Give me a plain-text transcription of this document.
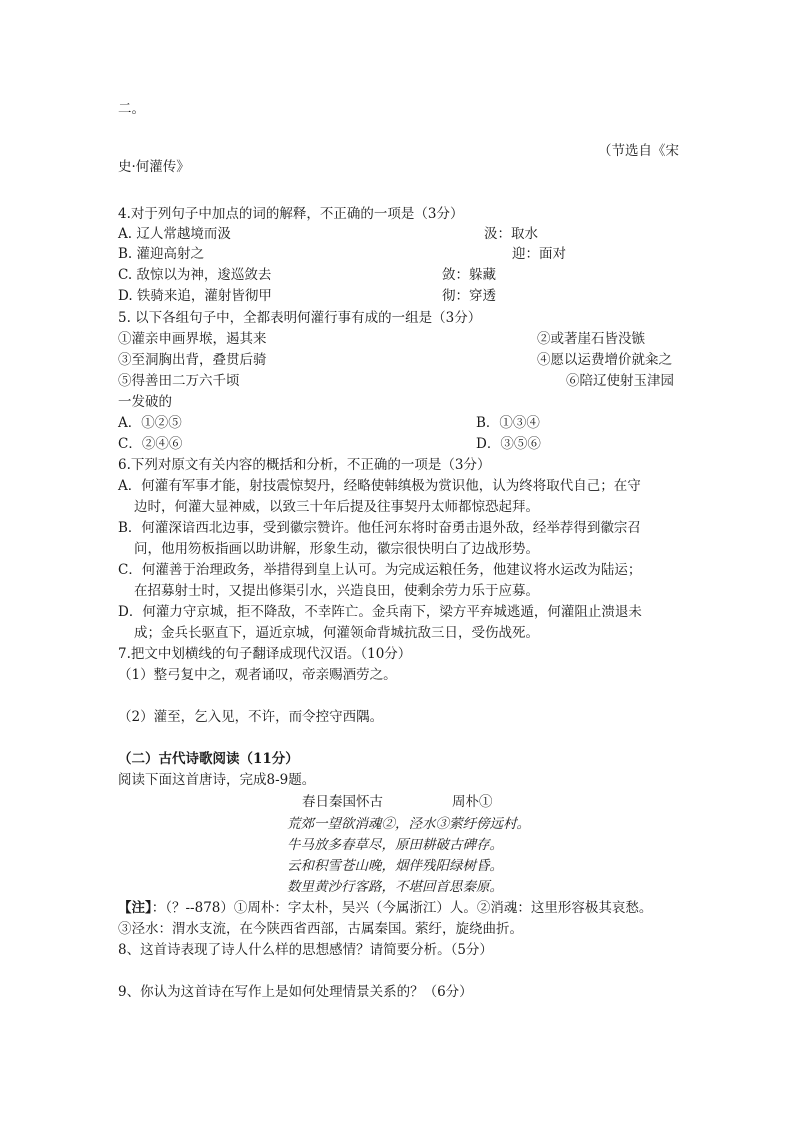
二。
（节选自《宋
史·何灌传》
4.对于列句子中加点的词的解释，不正确的一项是（3分）
A. 辽人常越境而汲	汲：取水
B. 灌迎高射之	迎：面对
C. 敌惊以为神，逡巡敛去	敛：躲藏
D. 铁骑来追，灌射皆彻甲	彻：穿透
5. 以下各组句子中，全都表明何灌行事有成的一组是（3分）
①灌亲申画界堠，遏其来	②或著崖石皆没镞
③至洞胸出背，叠贯后骑	④愿以运费增价就籴之
⑤得善田二万六千顷	⑥陪辽使射玉津园
一发破的
A．①②⑤	B．①③④
C．②④⑥	D．③⑤⑥
6.下列对原文有关内容的概括和分析，不正确的一项是（3分）
A．何灌有军事才能，射技震惊契丹，经略使韩缜极为赏识他，认为终将取代自己；在守
边时，何灌大显神威，以致三十年后提及往事契丹太师都惊恐起拜。
B．何灌深谙西北边事，受到徽宗赞许。他任河东将时奋勇击退外敌，经举荐得到徽宗召
问，他用笏板指画以助讲解，形象生动，徽宗很快明白了边战形势。
C．何灌善于治理政务，举措得到皇上认可。为完成运粮任务，他建议将水运改为陆运；
在招募射士时，又提出修渠引水，兴造良田，使剩余劳力乐于应募。
D．何灌力守京城，拒不降敌，不幸阵亡。金兵南下，梁方平弃城逃遁，何灌阻止溃退未
成；金兵长驱直下，逼近京城，何灌领命背城抗敌三日，受伤战死。
7.把文中划横线的句子翻译成现代汉语。（10分）
（1）整弓复中之，观者诵叹，帝亲赐酒劳之。
（2）灌至，乞入见，不许，而令控守西隅。
（二）古代诗歌阅读（11分）
阅读下面这首唐诗，完成8-9题。
春日秦国怀古	周朴①
荒郊一望欲消魂②，泾水③萦纡傍远村。
牛马放多春草尽，原田耕破古碑存。
云和积雪苍山晚，烟伴残阳绿树昏。
数里黄沙行客路，不堪回首思秦原。
【注】：（？--878）①周朴：字太朴，吴兴（今属浙江）人。②消魂：这里形容极其哀愁。
③泾水：渭水支流，在今陕西省西部，古属秦国。萦纡，旋绕曲折。
8、这首诗表现了诗人什么样的思想感情？请简要分析。（5分）
9、你认为这首诗在写作上是如何处理情景关系的？（6分）
